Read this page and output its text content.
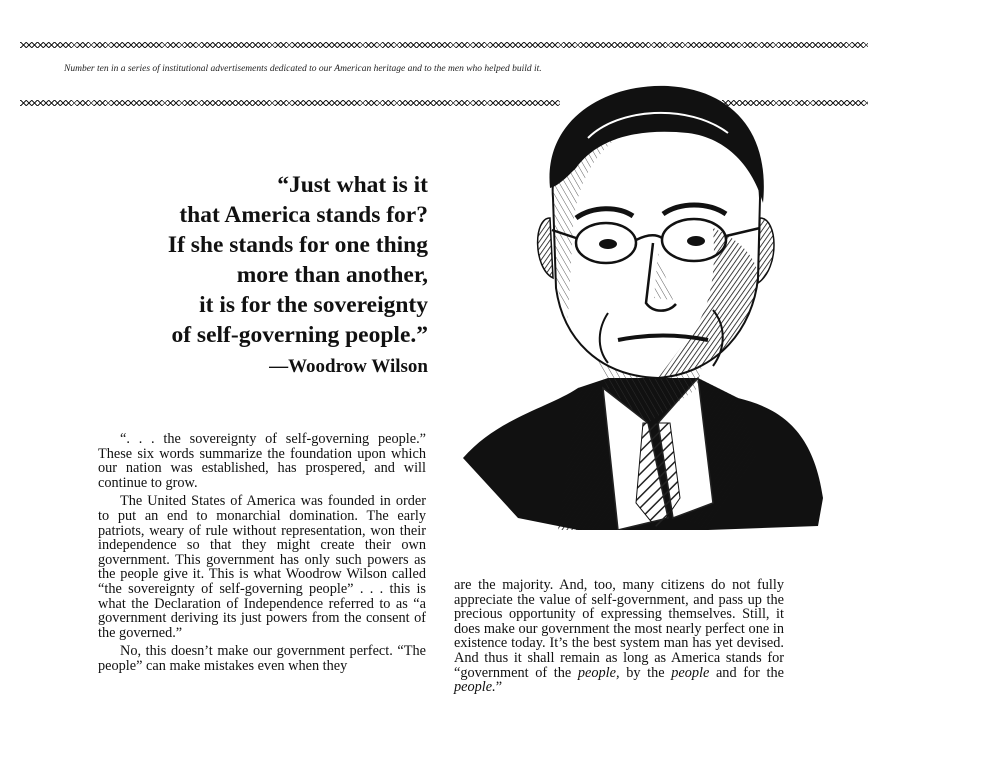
Number ten in a series of institutional advertisements dedicated to our American heritage and to the men who helped build it.
“Just what is it
that America stands for?
If she stands for one thing
more than another,
it is for the sovereignty
of self-governing people.”
—Woodrow Wilson

“. . . the sovereignty of self-governing people.” These six words summarize the foundation upon which our nation was established, has prospered, and will continue to grow.

The United States of America was founded in order to put an end to monarchial domination. The early patriots, weary of rule without representation, won their independence so that they might create their own government. This government has only such powers as the people give it. This is what Woodrow Wilson called “the sovereignty of self-governing people” . . . this is what the Declaration of Independence referred to as “a government deriving its just powers from the consent of the governed.”

No, this doesn’t make our government perfect. “The people” can make mistakes even when they

are the majority. And, too, many citizens do not fully appreciate the value of self-government, and pass up the precious opportunity of expressing themselves. Still, it does make our government the most nearly perfect one in existence today. It’s the best system man has yet devised. And thus it shall remain as long as America stands for “government of the people, by the people and for the people.”
